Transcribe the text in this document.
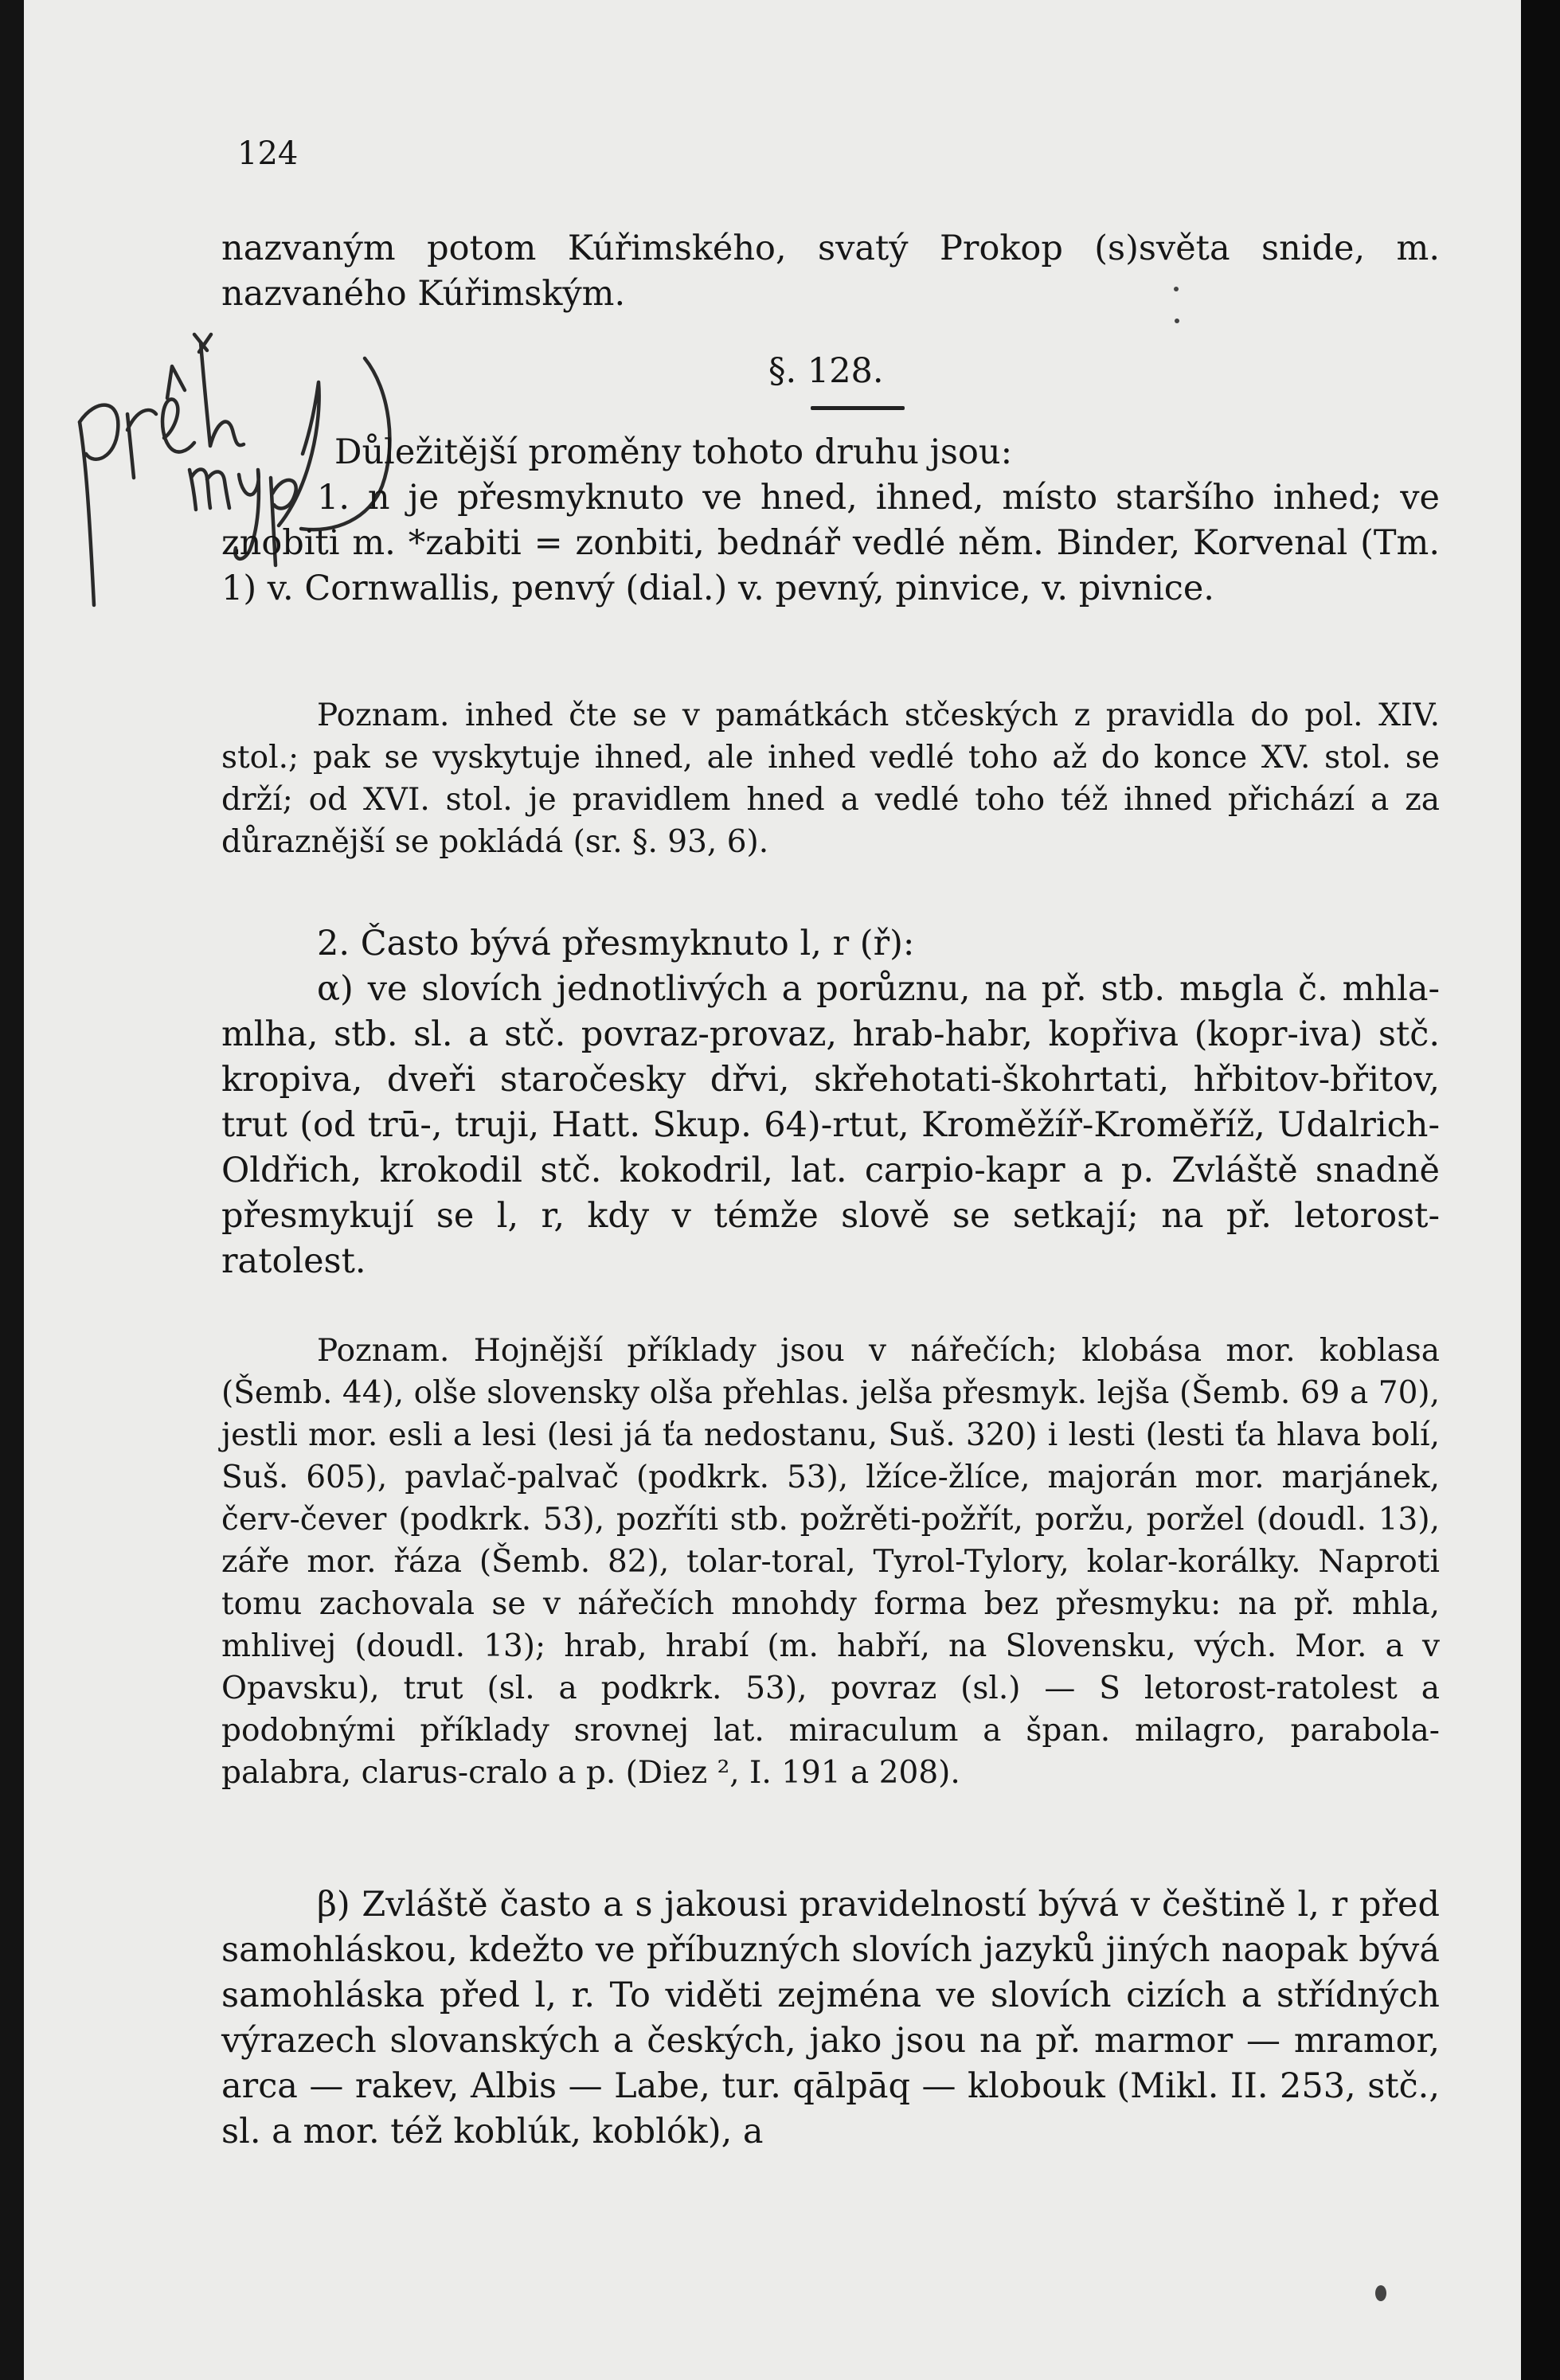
124
§. 128.

nazvaným potom Kúřimského, svatý Prokop (s)světa snide, m. nazvaného Kúřimským.

Důležitější proměny tohoto druhu jsou:

1. n je přesmyknuto ve hned, ihned, místo staršího inhed; ve znobiti m. *zabiti = zonbiti, bednář vedlé něm. Binder, Korvenal (Tm. 1) v. Cornwallis, penvý (dial.) v. pevný, pinvice, v. pivnice.

Poznam. inhed čte se v památkách stčeských z pravidla do pol. XIV. stol.; pak se vyskytuje ihned, ale inhed vedlé toho až do konce XV. stol. se drží; od XVI. stol. je pravidlem hned a vedlé toho též ihned přichází a za důraznější se pokládá (sr. §. 93, 6).

2. Často bývá přesmyknuto l, r (ř):

α) ve slovích jednotlivých a porůznu, na př. stb. mьgla č. mhla-mlha, stb. sl. a stč. povraz-provaz, hrab-habr, kopřiva (kopr-iva) stč. kropiva, dveři staročesky dřvi, skřehotati-škohrtati, hřbitov-břitov, trut (od trū-, truji, Hatt. Skup. 64)-rtut, Kroměžíř-Kroměříž, Udalrich-Oldřich, krokodil stč. kokodril, lat. carpio-kapr a p. Zvláště snadně přesmykují se l, r, kdy v témže slově se setkají; na př. letorost-ratolest.

Poznam. Hojnější příklady jsou v nářečích; klobása mor. koblasa (Šemb. 44), olše slovensky olša přehlas. jelša přesmyk. lejša (Šemb. 69 a 70), jestli mor. esli a lesi (lesi já ťa nedostanu, Suš. 320) i lesti (lesti ťa hlava bolí, Suš. 605), pavlač-palvač (podkrk. 53), lžíce-žlíce, majorán mor. marjánek, červ-čever (podkrk. 53), pozříti stb. požrěti-požřít, poržu, poržel (doudl. 13), záře mor. řáza (Šemb. 82), tolar-toral, Tyrol-Tylory, kolar-korálky. Naproti tomu zachovala se v nářečích mnohdy forma bez přesmyku: na př. mhla, mhlivej (doudl. 13); hrab, hrabí (m. habří, na Slovensku, vých. Mor. a v Opavsku), trut (sl. a podkrk. 53), povraz (sl.) — S letorost-ratolest a podobnými příklady srovnej lat. miraculum a špan. milagro, parabola-palabra, clarus-cralo a p. (Diez ², I. 191 a 208).

β) Zvláště často a s jakousi pravidelností bývá v češtině l, r před samohláskou, kdežto ve příbuzných slovích jazyků jiných naopak bývá samohláska před l, r. To viděti zejména ve slovích cizích a střídných výrazech slovanských a českých, jako jsou na př. marmor — mramor, arca — rakev, Albis — Labe, tur. qālpāq — klobouk (Mikl. II. 253, stč., sl. a mor. též koblúk, koblók), a
